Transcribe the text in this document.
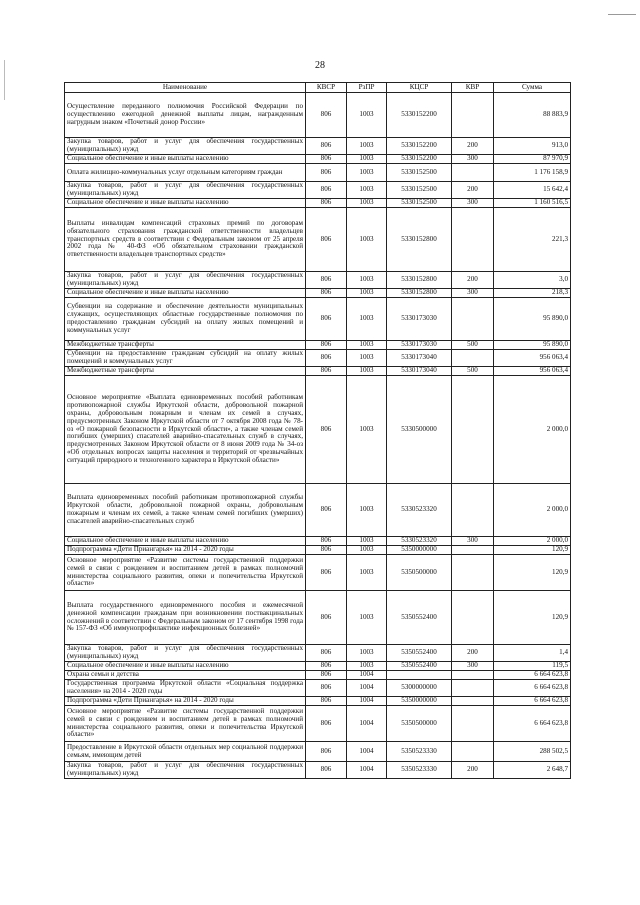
28
Наименование	КВСР	РзПР	КЦСР	КВР	Сумма
Осуществление переданного полномочия Российской Федерации по осуществлению ежегодной денежной выплаты лицам, награжденным нагрудным знаком «Почетный донор России»	806	1003	5330152200		88 883,9
Закупка товаров, работ и услуг для обеспечения государственных (муниципальных) нужд	806	1003	5330152200	200	913,0
Социальное обеспечение и иные выплаты населению	806	1003	5330152200	300	87 970,9
Оплата жилищно-коммунальных услуг отдельным категориям граждан	806	1003	5330152500		1 176 158,9
Закупка товаров, работ и услуг для обеспечения государственных (муниципальных) нужд	806	1003	5330152500	200	15 642,4
Социальное обеспечение и иные выплаты населению	806	1003	5330152500	300	1 160 516,5
Выплаты инвалидам компенсаций страховых премий по договорам обязательного страхования гражданской ответственности владельцев транспортных средств в соответствии с Федеральным законом от 25 апреля 2002 года № 40-ФЗ «Об обязательном страховании гражданской ответственности владельцев транспортных средств»	806	1003	5330152800		221,3
Закупка товаров, работ и услуг для обеспечения государственных (муниципальных) нужд	806	1003	5330152800	200	3,0
Социальное обеспечение и иные выплаты населению	806	1003	5330152800	300	218,3
Субвенции на содержание и обеспечение деятельности муниципальных служащих, осуществляющих областные государственные полномочия по предоставлению гражданам субсидий на оплату жилых помещений и коммунальных услуг	806	1003	5330173030		95 890,0
Межбюджетные трансферты	806	1003	5330173030	500	95 890,0
Субвенции на предоставление гражданам субсидий на оплату жилых помещений и коммунальных услуг	806	1003	5330173040		956 063,4
Межбюджетные трансферты	806	1003	5330173040	500	956 063,4
Основное мероприятие «Выплата единовременных пособий работникам противопожарной службы Иркутской области, добровольной пожарной охраны, добровольным пожарным и членам их семей в случаях, предусмотренных Законом Иркутской области от 7 октября 2008 года № 78-оз «О пожарной безопасности в Иркутской области», а также членам семей погибших (умерших) спасателей аварийно-спасательных служб в случаях, предусмотренных Законом Иркутской области от 8 июня 2009 года № 34-оз «Об отдельных вопросах защиты населения и территорий от чрезвычайных ситуаций природного и техногенного характера в Иркутской области»	806	1003	5330500000		2 000,0
Выплата единовременных пособий работникам противопожарной службы Иркутской области, добровольной пожарной охраны, добровольным пожарным и членам их семей, а также членам семей погибших (умерших) спасателей аварийно-спасательных служб	806	1003	5330523320		2 000,0
Социальное обеспечение и иные выплаты населению	806	1003	5330523320	300	2 000,0
Подпрограмма «Дети Приангарья» на 2014 - 2020 годы	806	1003	5350000000		120,9
Основное мероприятие «Развитие системы государственной поддержки семей в связи с рождением и воспитанием детей в рамках полномочий министерства социального развития, опеки и попечительства Иркутской области»	806	1003	5350500000		120,9
Выплата государственного единовременного пособия и ежемесячной денежной компенсации гражданам при возникновении поствакцинальных осложнений в соответствии с Федеральным законом от 17 сентября 1998 года № 157-ФЗ «Об иммунопрофилактике инфекционных болезней»	806	1003	5350552400		120,9
Закупка товаров, работ и услуг для обеспечения государственных (муниципальных) нужд	806	1003	5350552400	200	1,4
Социальное обеспечение и иные выплаты населению	806	1003	5350552400	300	119,5
Охрана семьи и детства	806	1004			6 664 623,8
Государственная программа Иркутской области «Социальная поддержка населения» на 2014 - 2020 годы	806	1004	5300000000		6 664 623,8
Подпрограмма «Дети Приангарья» на 2014 - 2020 годы	806	1004	5350000000		6 664 623,8
Основное мероприятие «Развитие системы государственной поддержки семей в связи с рождением и воспитанием детей в рамках полномочий министерства социального развития, опеки и попечительства Иркутской области»	806	1004	5350500000		6 664 623,8
Предоставление в Иркутской области отдельных мер социальной поддержки семьям, имеющим детей	806	1004	5350523330		288 502,5
Закупка товаров, работ и услуг для обеспечения государственных (муниципальных) нужд	806	1004	5350523330	200	2 648,7
